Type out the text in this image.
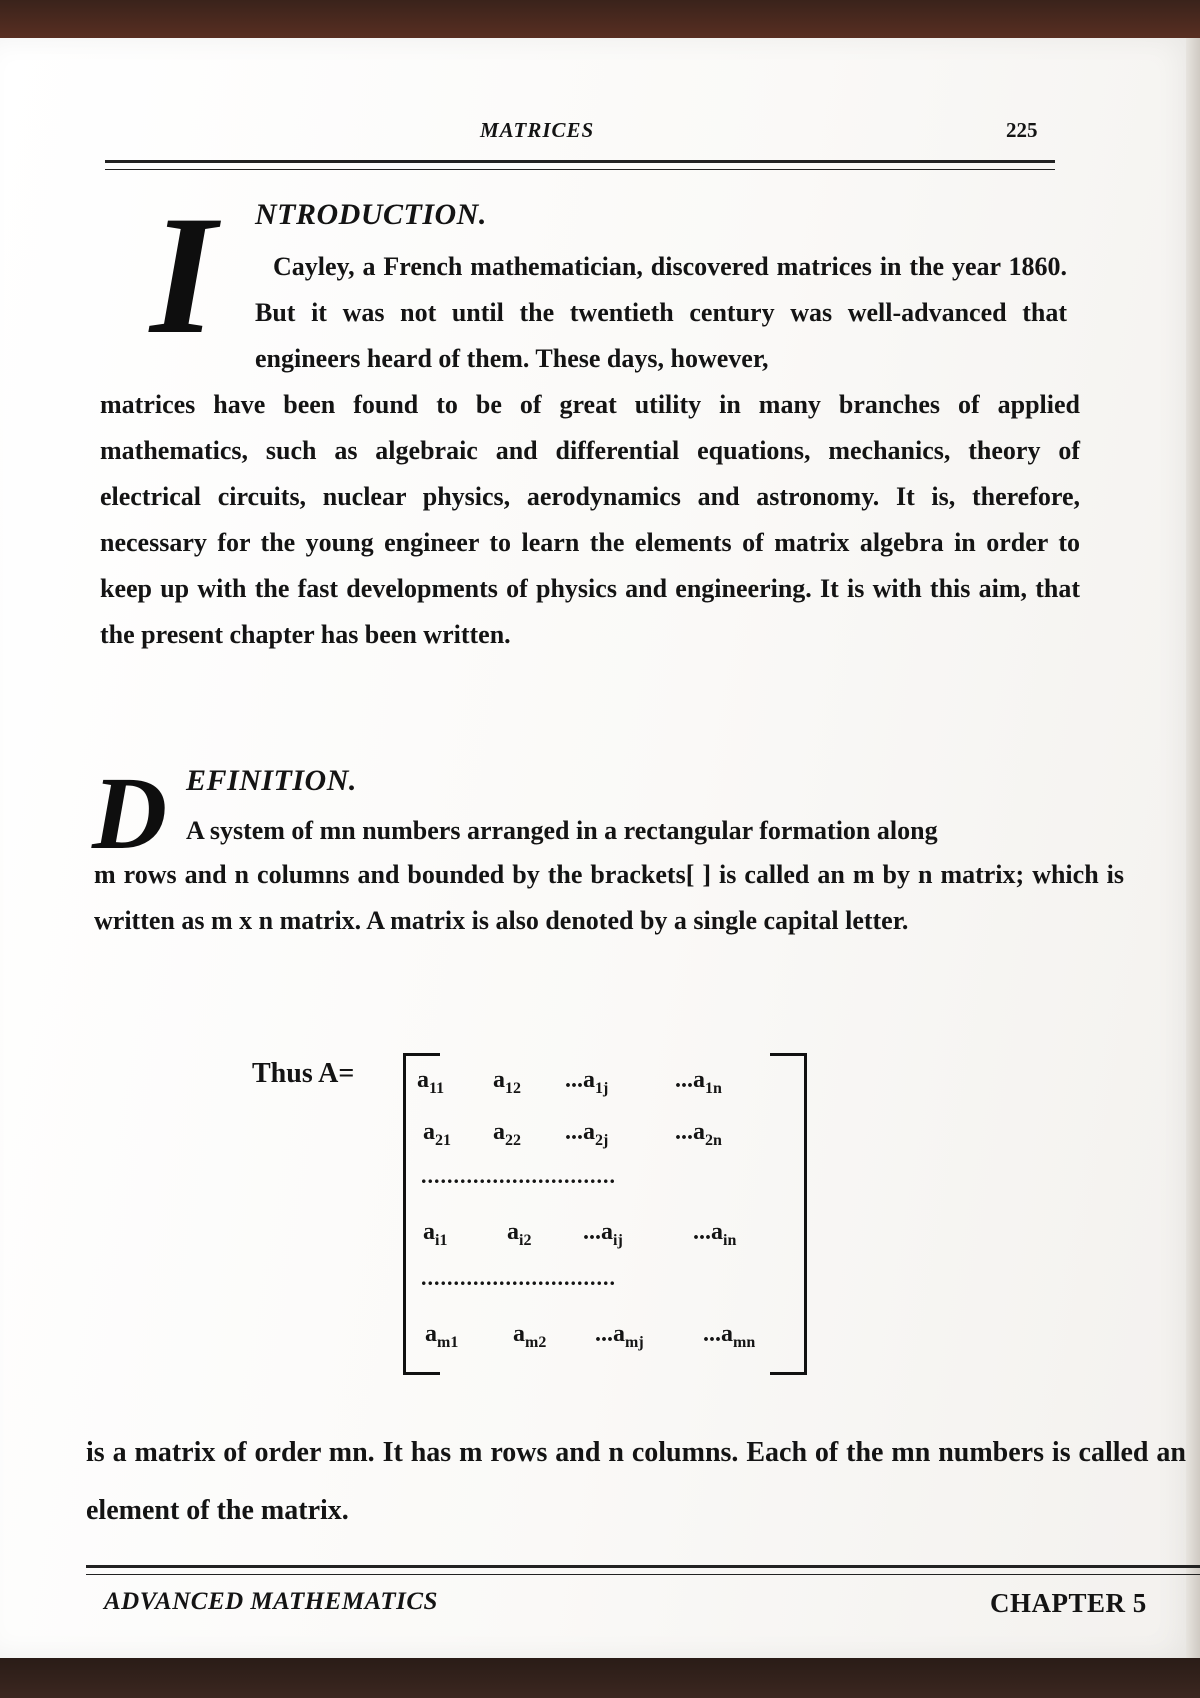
MATRICES	225
I NTRODUCTION.
Cayley, a French mathematician, discovered matrices in the year 1860. But it was not until the twentieth century was well-advanced that engineers heard of them. These days, however,
matrices have been found to be of great utility in many branches of applied mathematics, such as algebraic and differential equations, mechanics, theory of electrical circuits, nuclear physics, aerodynamics and astronomy. It is, therefore, necessary for the young engineer to learn the elements of matrix algebra in order to keep up with the fast developments of physics and engineering. It is with this aim, that the present chapter has been written.
D EFINITION.
A system of mn numbers arranged in a rectangular formation along
m rows and n columns and bounded by the brackets[ ] is called an m by n matrix; which is written as m x n matrix. A matrix is also denoted by a single capital letter.
Thus A=	$a_{11}$ $a_{12}$ $...a_{1j}$	$...a_{1n}$
$a_{21}$ $a_{22}$ $...a_{2j}$	$...a_{2n}$
..............................
$a_{i1}$ $a_{i2}$ $...a_{ij}$	$...a_{in}$
..............................
$a_{m1}$ $a_{m2}$ $...a_{mj}$ $...a_{mn}$
is a matrix of order mn. It has m rows and n columns. Each of the mn numbers is called an element of the matrix.
ADVANCED MATHEMATICS	CHAPTER 5
